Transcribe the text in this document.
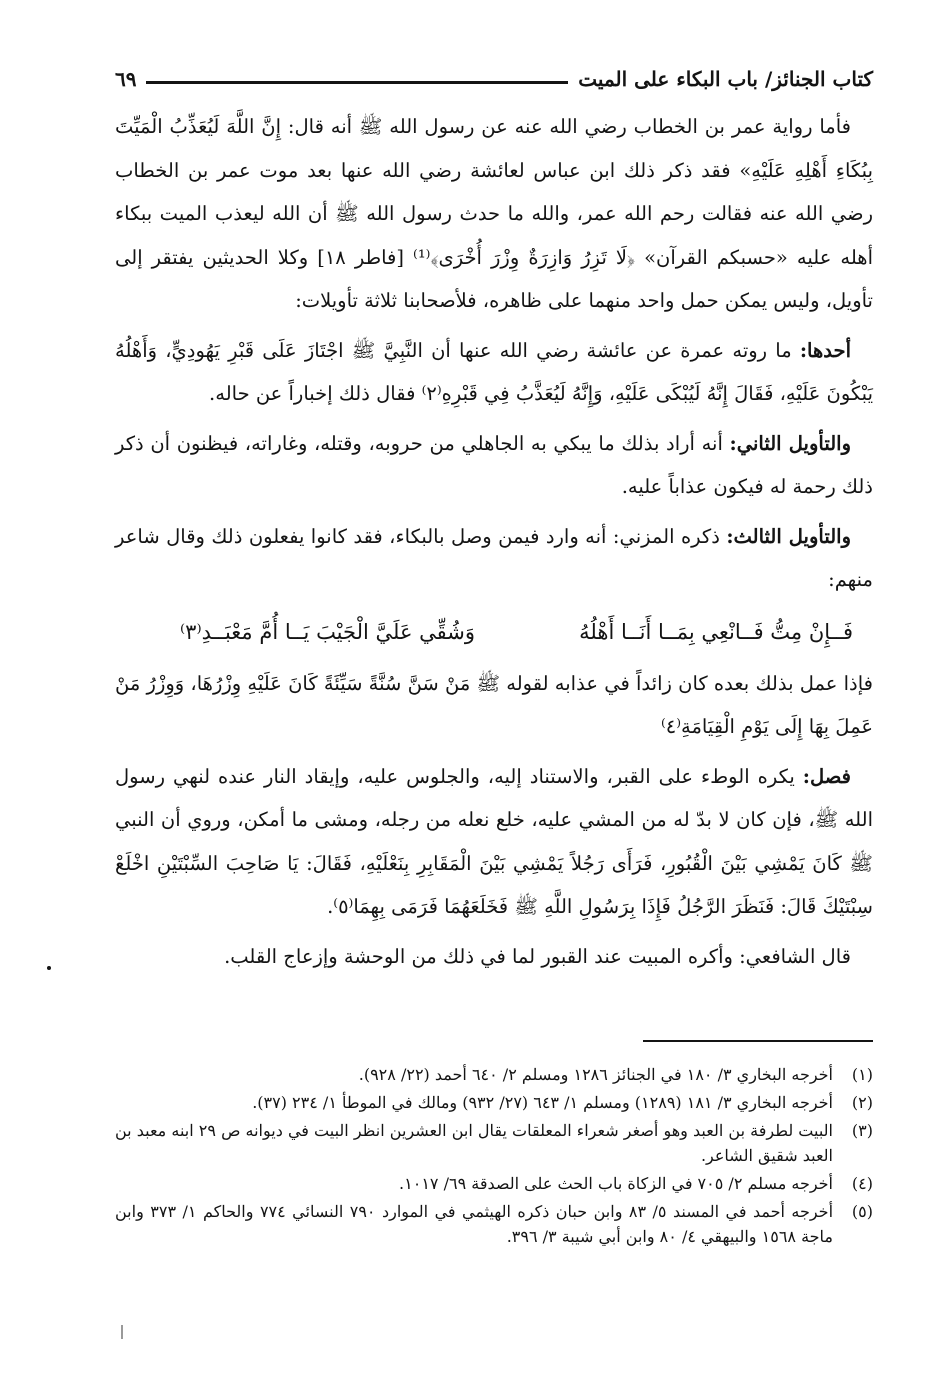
كتاب الجنائز/ باب البكاء على الميت
٦٩

فأما رواية عمر بن الخطاب رضي الله عنه عن رسول الله ﷺ أنه قال: إِنَّ اللَّهَ لَيُعَذِّبُ الْمَيِّتَ بِبُكَاءِ أَهْلِهِ عَلَيْهِ» فقد ذكر ذلك ابن عباس لعائشة رضي الله عنها بعد موت عمر بن الخطاب رضي الله عنه فقالت رحم الله عمر، والله ما حدث رسول الله ﷺ أن الله ليعذب الميت ببكاء أهله عليه «حسبكم القرآن» ﴿لَا تَزِرُ وَازِرَةٌ وِزْرَ أُخْرَى﴾⁽¹⁾ [فاطر ١٨] وكلا الحديثين يفتقر إلى تأويل، وليس يمكن حمل واحد منهما على ظاهره، فلأصحابنا ثلاثة تأويلات:

أحدها: ما روته عمرة عن عائشة رضي الله عنها أن النَّبِيَّ ﷺ اجْتَازَ عَلَى قَبْرِ يَهُودِيٍّ، وَأَهْلُهُ يَبْكُونَ عَلَيْهِ، فَقَالَ إِنَّهُ لَيُبْكَى عَلَيْهِ، وَإِنَّهُ لَيُعَذَّبُ فِي قَبْرِهِ⁽٢⁾ فقال ذلك إخباراً عن حاله.

والتأويل الثاني: أنه أراد بذلك ما يبكي به الجاهلي من حروبه، وقتله، وغاراته، فيظنون أن ذكر ذلك رحمة له فيكون عذاباً عليه.

والتأويل الثالث: ذكره المزني: أنه وارد فيمن وصل بالبكاء، فقد كانوا يفعلون ذلك وقال شاعر منهم:

فَــإِنْ مِتُّ فَــانْعِي بِمَــا أَنَــا أَهْلُهُ
وَشُقِّي عَلَيَّ الْجَيْبَ يَــا أُمَّ مَعْبَــدِ⁽٣⁾

فإذا عمل بذلك بعده كان زائداً في عذابه لقوله ﷺ مَنْ سَنَّ سُنَّةً سَيِّئَةً كَانَ عَلَيْهِ وِزْرُهَا، وَوِزْرُ مَنْ عَمِلَ بِهَا إِلَى يَوْمِ الْقِيَامَةِ⁽٤⁾

فصل: يكره الوطء على القبر، والاستناد إليه، والجلوس عليه، وإيقاد النار عنده لنهي رسول الله ﷺ، فإن كان لا بدّ له من المشي عليه، خلع نعله من رجله، ومشى ما أمكن، وروي أن النبي ﷺ كَانَ يَمْشِي بَيْنَ الْقُبُورِ، فَرَأَى رَجُلاً يَمْشِي بَيْنَ الْمَقَابِرِ بِنَعْلَيْهِ، فَقَالَ: يَا صَاحِبَ السِّبْتَيْنِ اخْلَعْ سِبْتَيْكَ قَالَ: فَنَظَرَ الرَّجُلُ فَإِذَا بِرَسُولِ اللَّهِ ﷺ فَخَلَعَهُمَا فَرَمَى بِهِمَا⁽٥⁾.

قال الشافعي: وأكره المبيت عند القبور لما في ذلك من الوحشة وإزعاج القلب.

(١)
أخرجه البخاري ٣/ ١٨٠ في الجنائز ١٢٨٦ ومسلم ٢/ ٦٤٠ أحمد (٢٢/ ٩٢٨).
(٢)
أخرجه البخاري ٣/ ١٨١ (١٢٨٩) ومسلم ١/ ٦٤٣ (٢٧/ ٩٣٢) ومالك في الموطأ ١/ ٢٣٤ (٣٧).
(٣)
البيت لطرفة بن العبد وهو أصغر شعراء المعلقات يقال ابن العشرين انظر البيت في ديوانه ص ٢٩ ابنه معبد بن العبد شقيق الشاعر.
(٤)
أخرجه مسلم ٢/ ٧٠٥ في الزكاة باب الحث على الصدقة ٦٩/ ١٠١٧.
(٥)
أخرجه أحمد في المسند ٥/ ٨٣ وابن حبان ذكره الهيثمي في الموارد ٧٩٠ النسائي ٧٧٤ والحاكم ١/ ٣٧٣ وابن ماجة ١٥٦٨ والبيهقي ٤/ ٨٠ وابن أبي شيبة ٣/ ٣٩٦.
